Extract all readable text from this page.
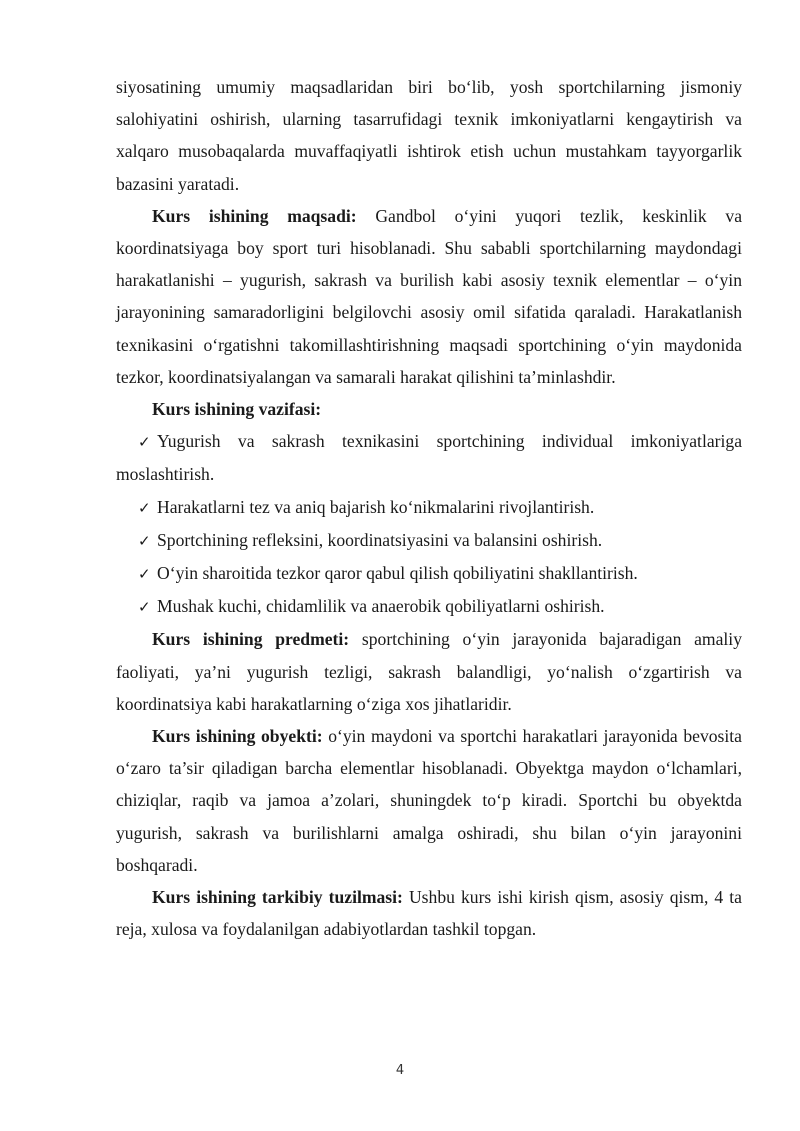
siyosatining umumiy maqsadlaridan biri bo‘lib, yosh sportchilarning jismoniy salohiyatini oshirish, ularning tasarrufidagi texnik imkoniyatlarni kengaytirish va xalqaro musobaqalarda muvaffaqiyatli ishtirok etish uchun mustahkam tayyorgarlik bazasini yaratadi.

Kurs ishining maqsadi: Gandbol o‘yini yuqori tezlik, keskinlik va koordinatsiyaga boy sport turi hisoblanadi. Shu sababli sportchilarning maydondagi harakatlanishi – yugurish, sakrash va burilish kabi asosiy texnik elementlar – o‘yin jarayonining samaradorligini belgilovchi asosiy omil sifatida qaraladi. Harakatlanish texnikasini o‘rgatishni takomillashtirishning maqsadi sportchining o‘yin maydonida tezkor, koordinatsiyalangan va samarali harakat qilishini ta’minlashdir.

Kurs ishining vazifasi:

✓ Yugurish va sakrash texnikasini sportchining individual imkoniyatlariga moslashtirish.

✓ Harakatlarni tez va aniq bajarish ko‘nikmalarini rivojlantirish.

✓ Sportchining refleksini, koordinatsiyasini va balansini oshirish.

✓ O‘yin sharoitida tezkor qaror qabul qilish qobiliyatini shakllantirish.

✓ Mushak kuchi, chidamlilik va anaerobik qobiliyatlarni oshirish.

Kurs ishining predmeti: sportchining o‘yin jarayonida bajaradigan amaliy faoliyati, ya’ni yugurish tezligi, sakrash balandligi, yo‘nalish o‘zgartirish va koordinatsiya kabi harakatlarning o‘ziga xos jihatlaridir.

Kurs ishining obyekti: o‘yin maydoni va sportchi harakatlari jarayonida bevosita o‘zaro ta’sir qiladigan barcha elementlar hisoblanadi. Obyektga maydon o‘lchamlari, chiziqlar, raqib va jamoa a’zolari, shuningdek to‘p kiradi. Sportchi bu obyektda yugurish, sakrash va burilishlarni amalga oshiradi, shu bilan o‘yin jarayonini boshqaradi.

Kurs ishining tarkibiy tuzilmasi: Ushbu kurs ishi kirish qism, asosiy qism, 4 ta reja, xulosa va foydalanilgan adabiyotlardan tashkil topgan.

4
